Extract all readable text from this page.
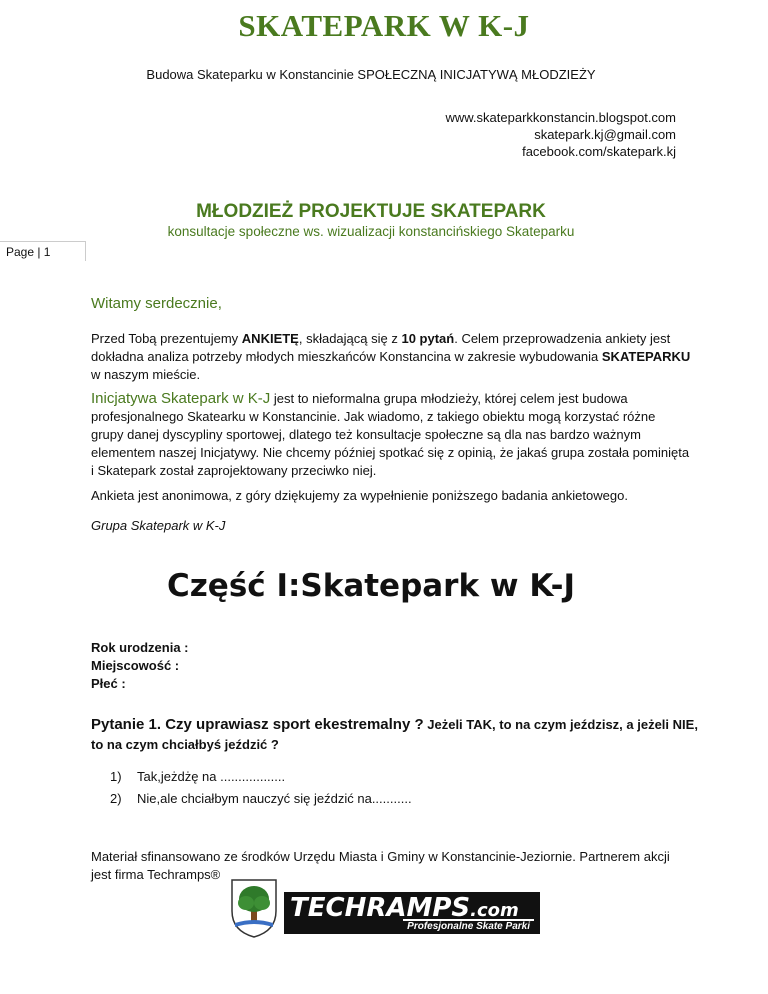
SKATEPARK W K-J
Budowa Skateparku w Konstancinie SPOŁECZNĄ INICJATYWĄ MŁODZIEŻY
www.skateparkkonstancin.blogspot.com
skatepark.kj@gmail.com
facebook.com/skatepark.kj
MŁODZIEŻ PROJEKTUJE SKATEPARK
konsultacje społeczne ws. wizualizacji konstancińskiego Skateparku
Page | 1
Witamy serdecznie,
Przed Tobą prezentujemy ANKIETĘ, składającą się z 10 pytań. Celem przeprowadzenia ankiety jest dokładna analiza potrzeby młodych mieszkańców Konstancina w zakresie wybudowania SKATEPARKU w naszym mieście.
Inicjatywa Skatepark w K-J jest to nieformalna grupa młodzieży, której celem jest budowa profesjonalnego Skatearku w Konstancinie. Jak wiadomo, z takiego obiektu mogą korzystać różne grupy danej dyscypliny sportowej, dlatego też konsultacje społeczne są dla nas bardzo ważnym elementem naszej Inicjatywy. Nie chcemy później spotkać się z opinią, że jakaś grupa została pominięta i Skatepark został zaprojektowany przeciwko niej.
Ankieta jest anonimowa, z góry dziękujemy za wypełnienie poniższego badania ankietowego.
Grupa Skatepark w K-J
Część I:Skatepark w K-J
Rok urodzenia :
Miejscowość :
Płeć :
Pytanie 1. Czy uprawiasz sport ekestremalny ? Jeżeli TAK, to na czym jeździsz, a jeżeli NIE, to na czym chciałbyś jeździć ?
1) Tak,jeżdżę na ..................
2) Nie,ale chciałbym nauczyć się jeździć na...........
Materiał sfinansowano ze środków Urzędu Miasta i Gminy w Konstancinie-Jeziornie. Partnerem akcji jest firma Techramps®
TECHRAMPS.com
Profesjonalne Skate Parki
